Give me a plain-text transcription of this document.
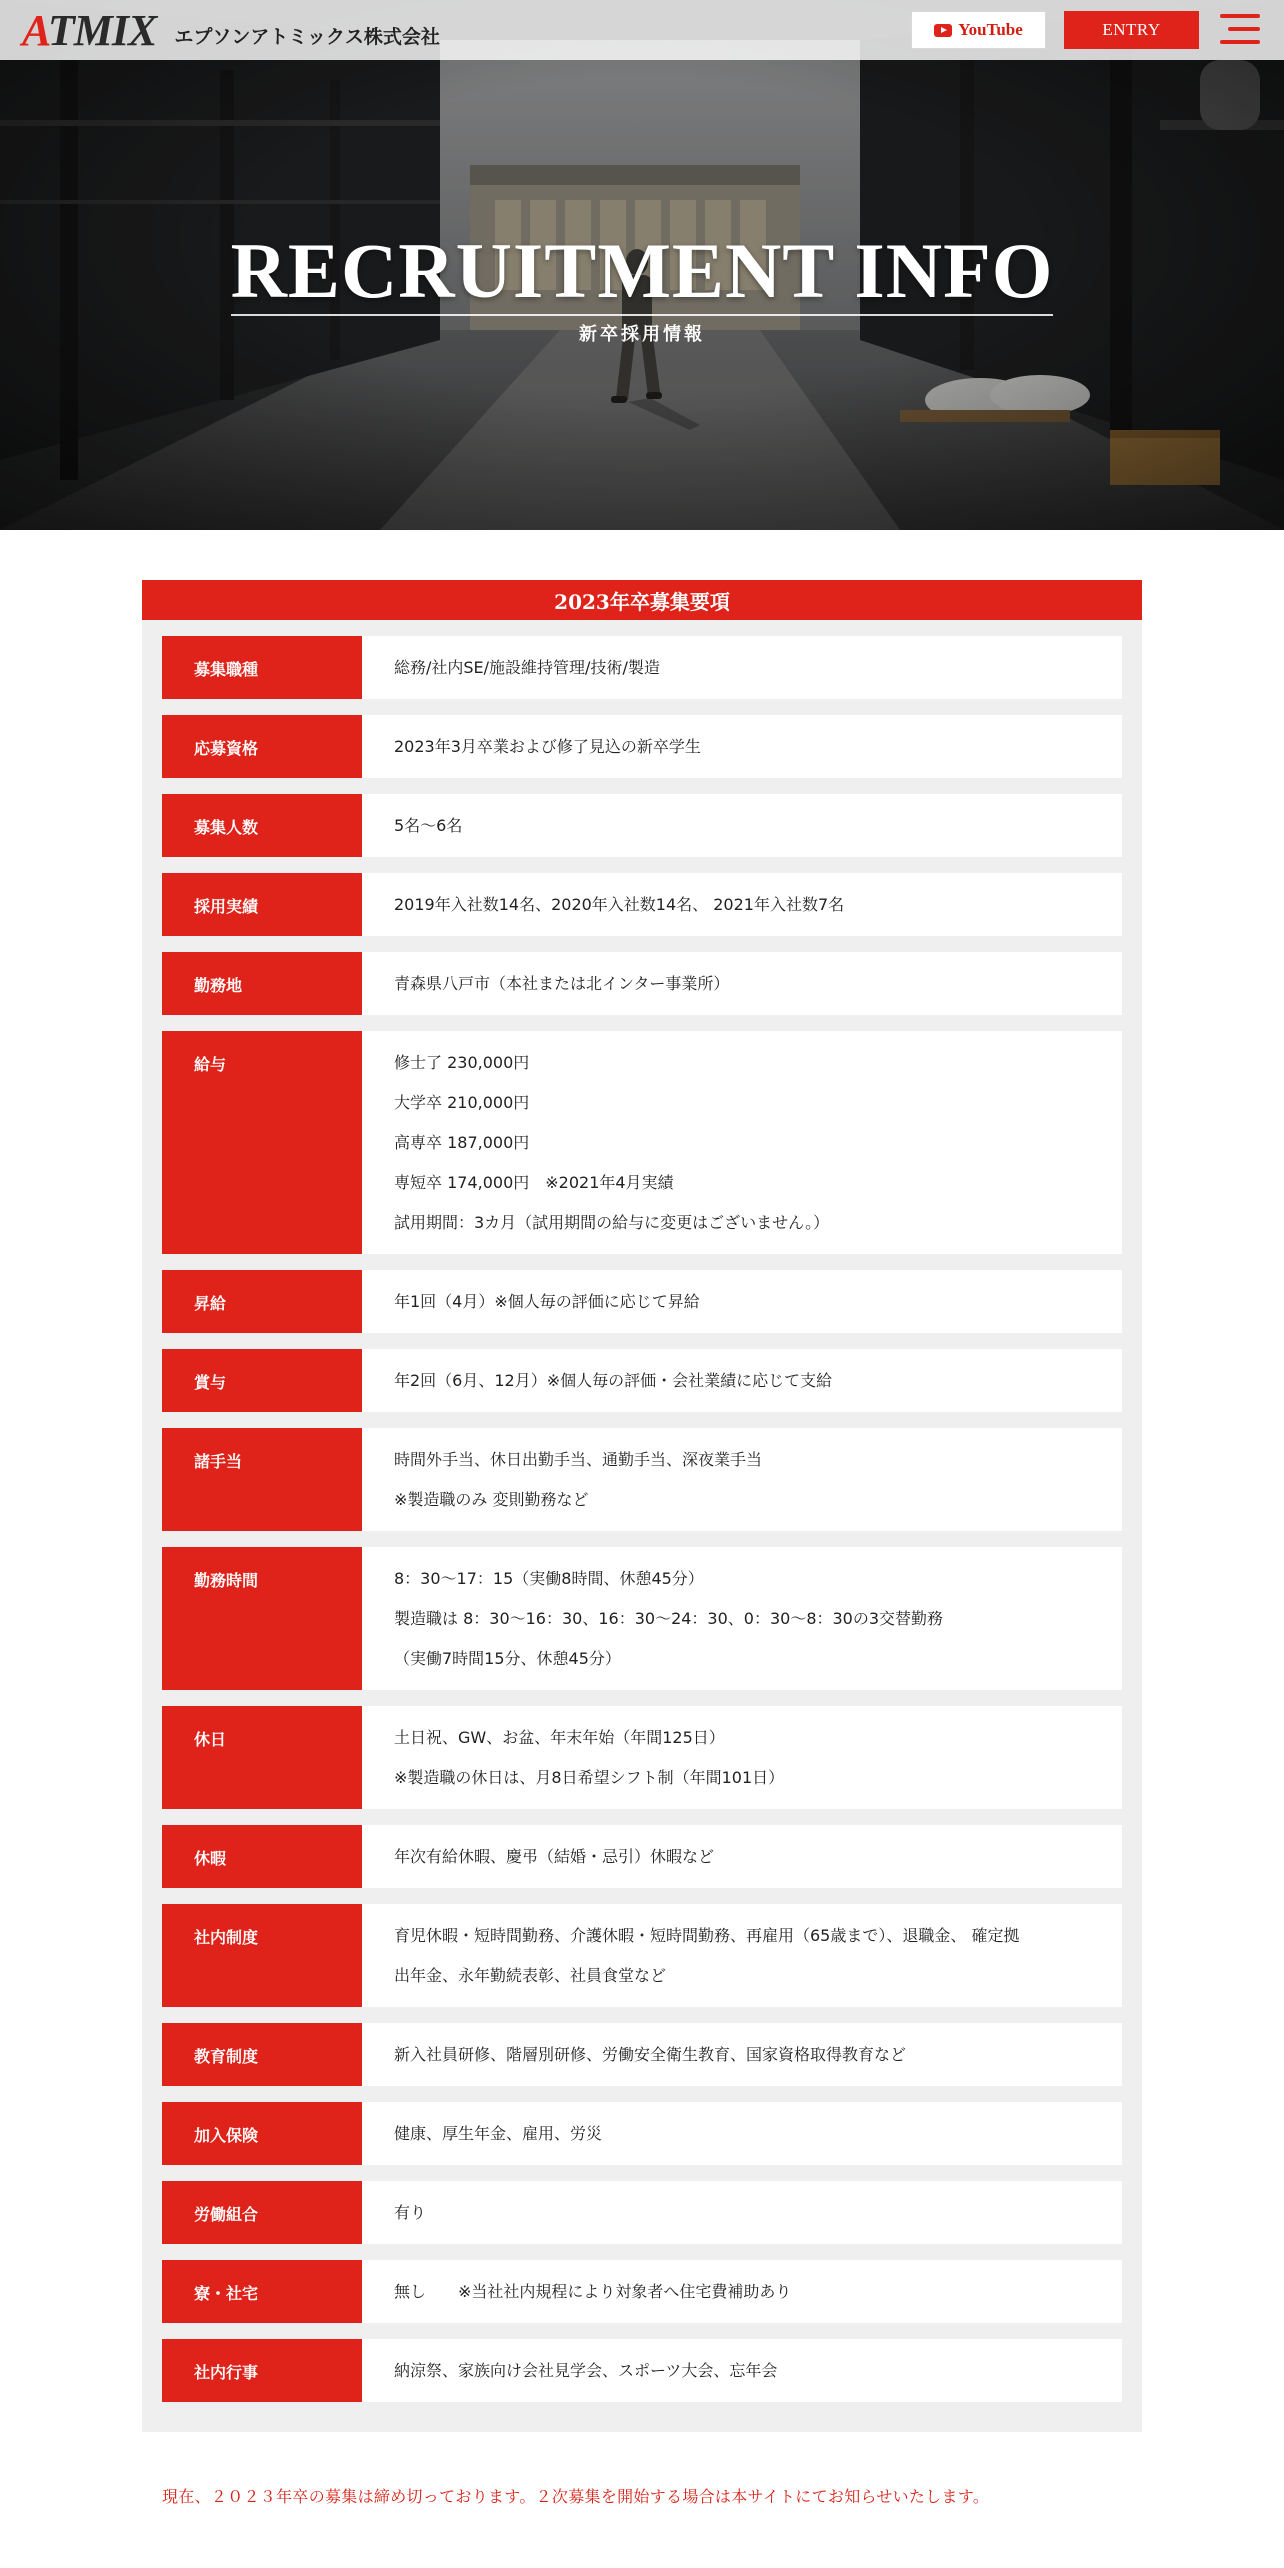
ATMIX エプソンアトミックス株式会社	YouTube	ENTRY
RECRUITMENT INFO
新卒採用情報
2023年卒募集要項
募集職種	総務/社内SE/施設維持管理/技術/製造
応募資格	2023年3月卒業および修了見込の新卒学生
募集人数	5名〜6名
採用実績	2019年入社数14名、2020年入社数14名、 2021年入社数7名
勤務地	青森県八戸市（本社または北インター事業所）
給与	修士了 230,000円
大学卒 210,000円
高専卒 187,000円
専短卒 174,000円　※2021年4月実績
試用期間：3カ月（試用期間の給与に変更はございません。）
昇給	年1回（4月）※個人毎の評価に応じて昇給
賞与	年2回（6月、12月）※個人毎の評価・会社業績に応じて支給
諸手当	時間外手当、休日出勤手当、通勤手当、深夜業手当
※製造職のみ 変則勤務など
勤務時間	8：30〜17：15（実働8時間、休憩45分）
製造職は 8：30〜16：30、16：30〜24：30、0：30〜8：30の3交替勤務
（実働7時間15分、休憩45分）
休日	土日祝、GW、お盆、年末年始（年間125日）
※製造職の休日は、月8日希望シフト制（年間101日）
休暇	年次有給休暇、慶弔（結婚・忌引）休暇など
社内制度	育児休暇・短時間勤務、介護休暇・短時間勤務、再雇用（65歳まで）、退職金、 確定拠
出年金、永年勤続表彰、社員食堂など
教育制度	新入社員研修、階層別研修、労働安全衛生教育、国家資格取得教育など
加入保険	健康、厚生年金、雇用、労災
労働組合	有り
寮・社宅	無し　　※当社社内規程により対象者へ住宅費補助あり
社内行事	納涼祭、家族向け会社見学会、スポーツ大会、忘年会
現在、２０２３年卒の募集は締め切っております。２次募集を開始する場合は本サイトにてお知らせいたします。
